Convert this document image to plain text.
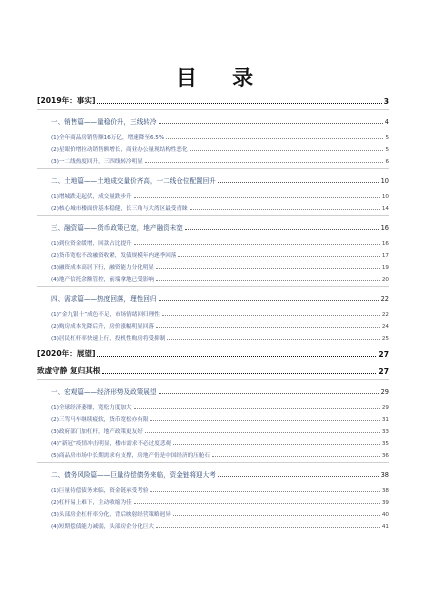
目 录
[2019年：事实]	3
一、销售篇——量稳价升，三线转冷	4
(1)全年商品房销售额16万亿，增速降至6.5%	5
(2)星眼价增拉动销售额增长，商业办公量现结构性恶化	5
(3)一二线热度回升，三四线转冷明显	6
二、土地篇——土地成交量价齐高，一二线仓位配置回升	10
(1)增城跌走起伏，成交量跌步升	10
(2)核心城市楼面价基本稳健，长三角与大湾区最受青睐	14
三、融资篇——货币政策已宽，地产融资未宽	16
(1)到位资金缓增，回款占比提升	16
(2)货币宽松不改融资收紧，发债规模年内逐季回落	17
(3)融资成本高居下行，融资能力分化明显	19
(4)地产信托余额管控，前端拿地已受影响	20
四、需求篇——热度回落，理性回归	22
(1)“金九银十”成色不足，市场情绪回归理性	22
(2)购房成本先降后升，房价涨幅明显回落	24
(3)居民杠杆率快速上行，投机性购房将受抑制	25
[2020年：展望]	27
致虚守静 复归其根	27
一、宏观篇——经济形势及政策展望	29
(1)全球经济萎靡，宽松力度加大	29
(2)三驾马车继续疲软，货币宽松亦有限	31
(3)政府部门加杠杆，地产政策更友好	33
(4)“新冠”疫情冲击明显，楼市需求不必过度悲观	35
(5)商品房市场中长期需求有支撑，房地产仍是中国经济的压舱石	36
二、债务风险篇——巨量待偿债务来临，资金链将迎大考	38
(1)巨量待偿债务来临，资金链承受考验	38
(2)杠杆易上难下，主动收缩为佳	39
(3)头部房企杠杆率分化，背后映射经营策略迥异	40
(4)短期偿债能力减弱，头部房企分化巨大	41
